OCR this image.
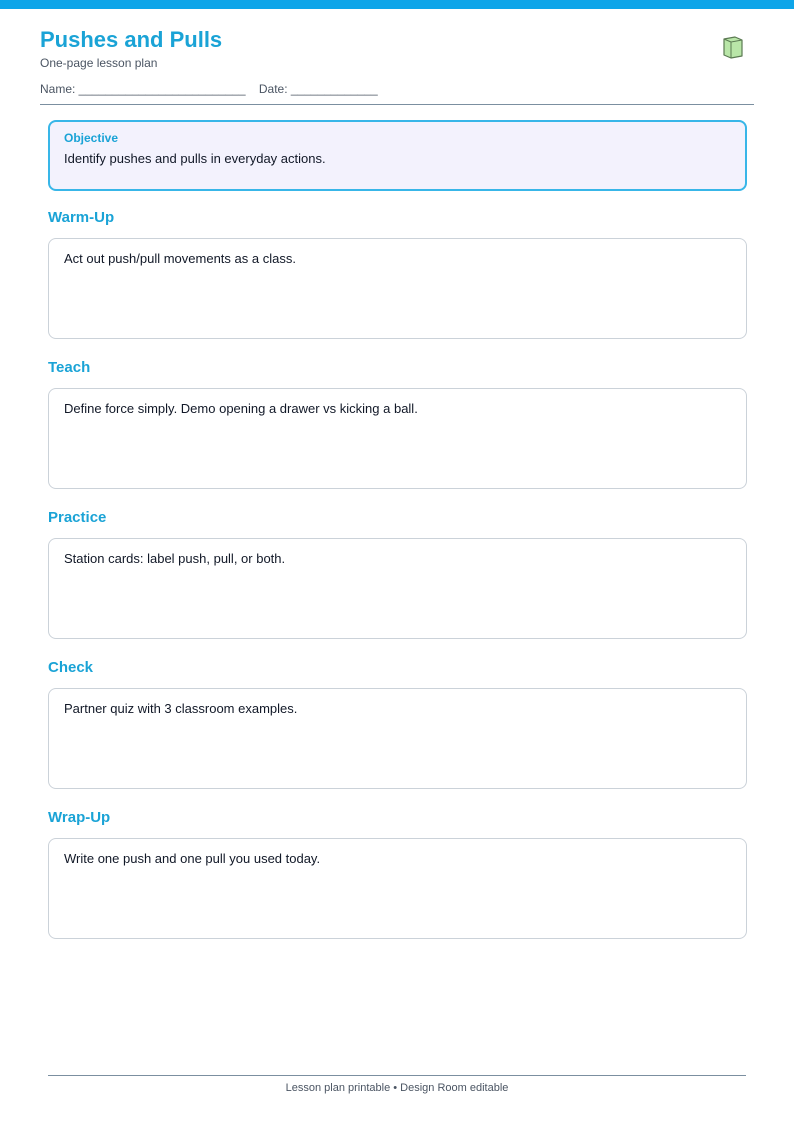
Pushes and Pulls
One-page lesson plan
Name: _________________________    Date: _____________
Objective
Identify pushes and pulls in everyday actions.
Warm-Up
Act out push/pull movements as a class.
Teach
Define force simply. Demo opening a drawer vs kicking a ball.
Practice
Station cards: label push, pull, or both.
Check
Partner quiz with 3 classroom examples.
Wrap-Up
Write one push and one pull you used today.
Lesson plan printable • Design Room editable
